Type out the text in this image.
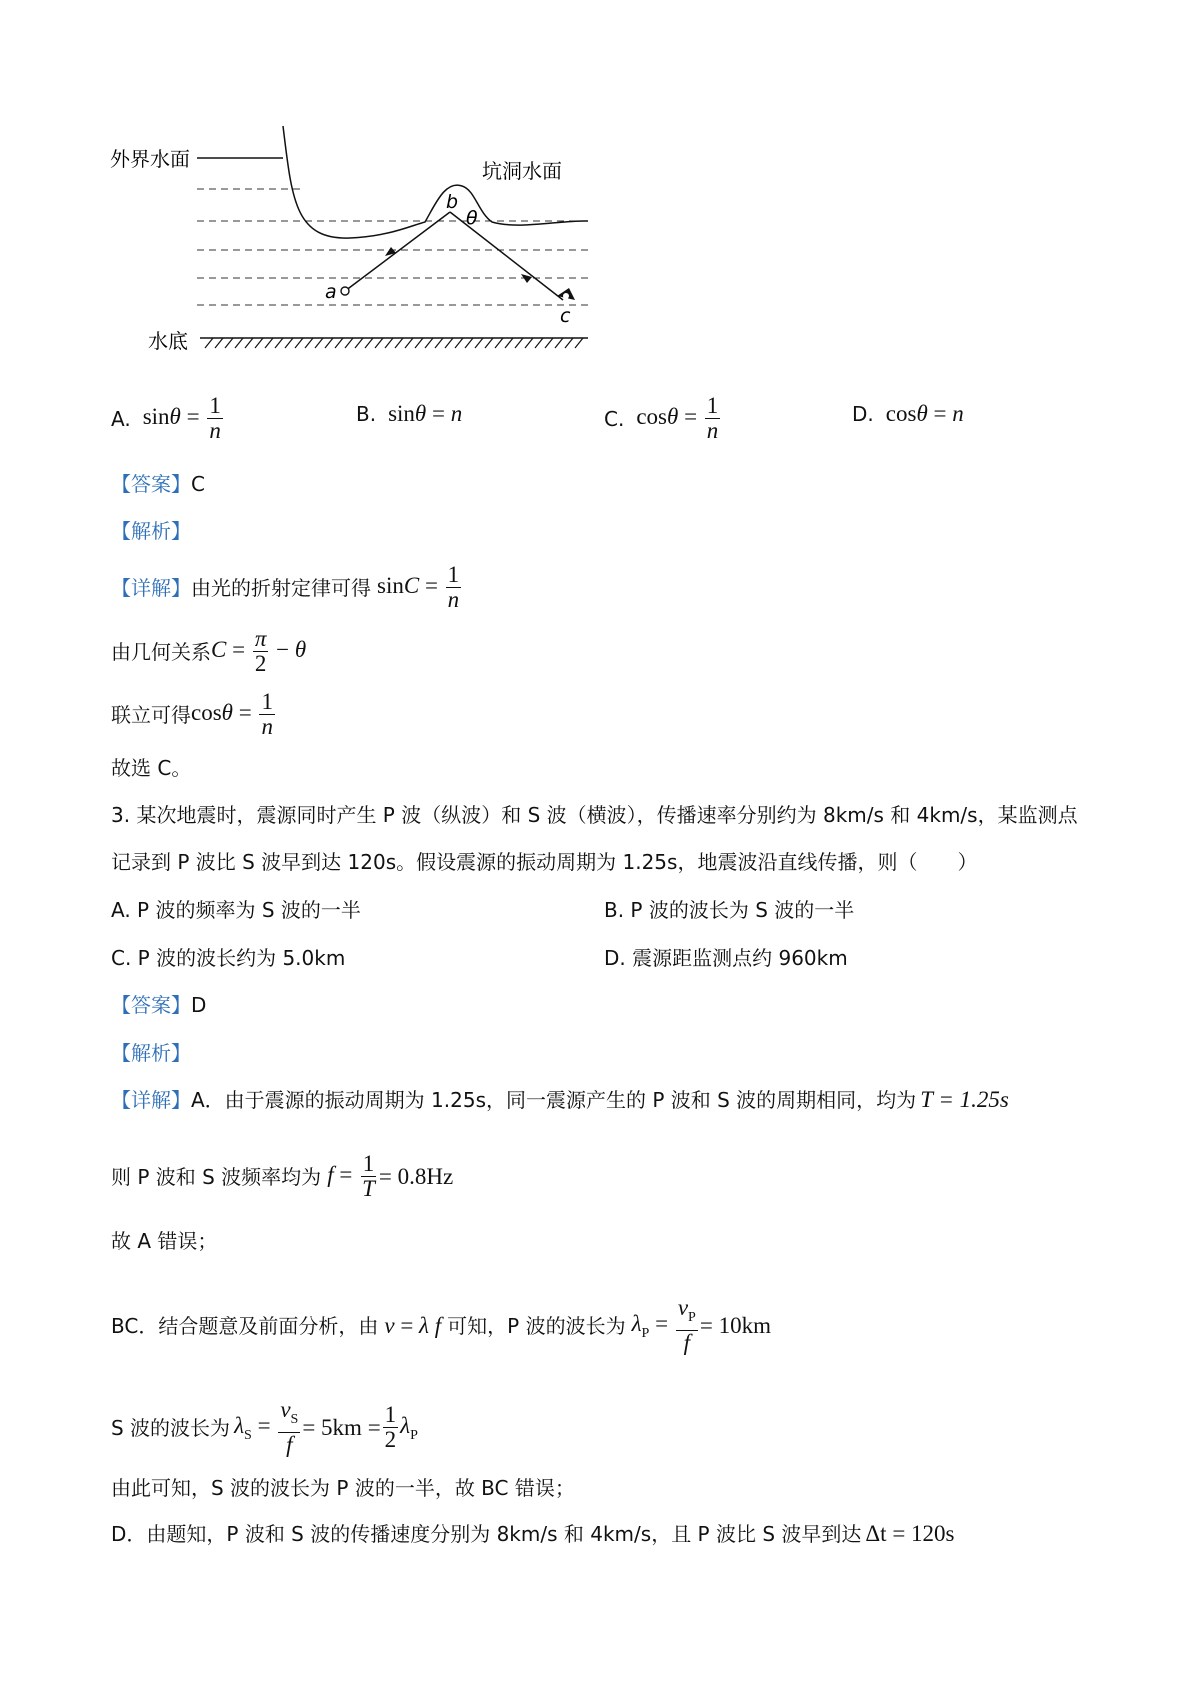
外界水面	坑洞水面
水底
a
b
c
θ
A. $\sin\theta = \frac{1}{n}$	B. sinθ = n	C. $\cos\theta = \frac{1}{n}$	D. cosθ = n
【答案】C
【解析】
【详解】 由光的折射定律可得 $\sin C = \frac{1}{n}$
由几何关系 $C = \frac{\pi}{2} - \theta$
联立可得 $\cos\theta = \frac{1}{n}$
故选 C。
3. 某次地震时，震源同时产生 P 波（纵波）和 S 波（横波），传播速率分别约为 8km/s 和 4km/s，某监测点
记录到 P 波比 S 波早到达 120s。假设震源的振动周期为 1.25s，地震波沿直线传播，则（　　）
A. P 波的频率为 S 波的一半	B. P 波的波长为 S 波的一半
C. P 波的波长约为 5.0km	D. 震源距监测点约 960km
【答案】D
【解析】
【详解】 A．由于震源的振动周期为 1.25s，同一震源产生的 P 波和 S 波的周期相同，均为 T = 1.25s
则 P 波和 S 波频率均为 $f = \frac{1}{T} = 0.8Hz$
故 A 错误；
BC．结合题意及前面分析，由 v = λ f 可知，P 波的波长为 $\lambda_P = \frac{v_P}{f} = 10km$
S 波的波长为 $\lambda_S = \frac{v_S}{f} = 5km = \frac{1}{2} \lambda_P$
由此可知，S 波的波长为 P 波的一半，故 BC 错误；
D．由题知，P 波和 S 波的传播速度分别为 8km/s 和 4km/s，且 P 波比 S 波早到达 Δt = 120s
